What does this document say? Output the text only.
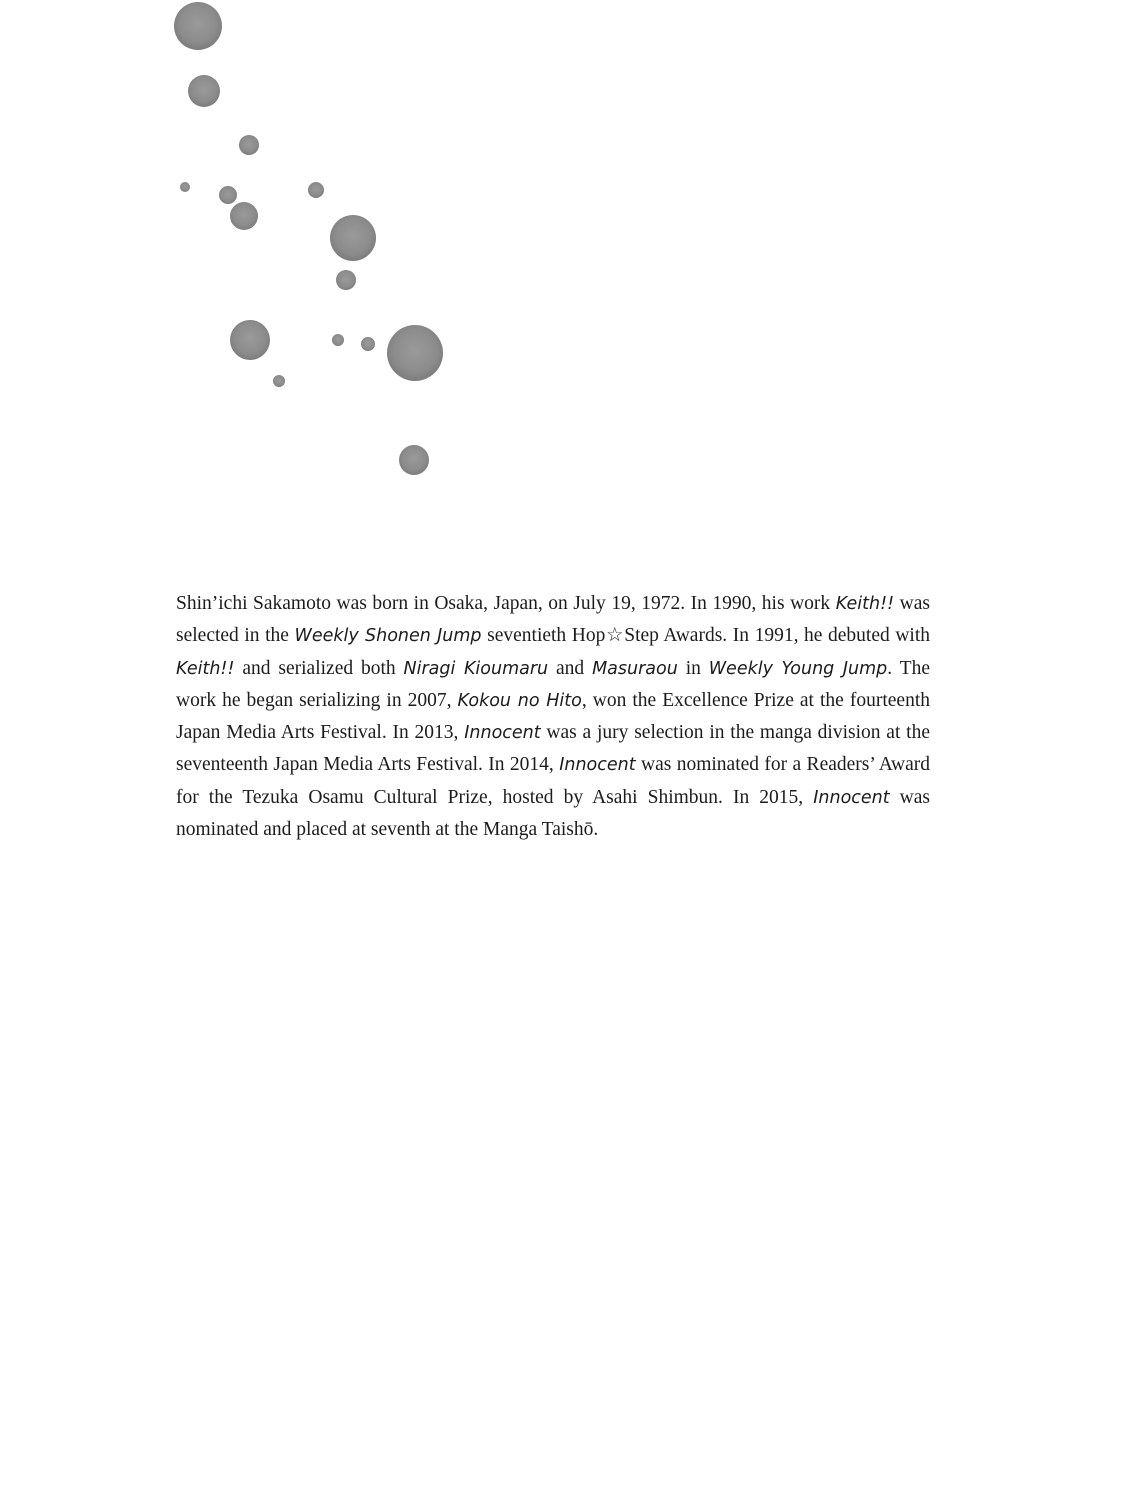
Shin’ichi Sakamoto was born in Osaka, Japan, on July 19, 1972. In 1990, his work Keith!! was selected in the Weekly Shonen Jump seventieth Hop☆Step Awards. In 1991, he debuted with Keith!! and serialized both Niragi Kioumaru and Masuraou in Weekly Young Jump. The work he began serializing in 2007, Kokou no Hito, won the Excellence Prize at the fourteenth Japan Media Arts Festival. In 2013, Innocent was a jury selection in the manga division at the seventeenth Japan Media Arts Festival. In 2014, Innocent was nominated for a Readers’ Award for the Tezuka Osamu Cultural Prize, hosted by Asahi Shimbun. In 2015, Innocent was nominated and placed at seventh at the Manga Taishō.
